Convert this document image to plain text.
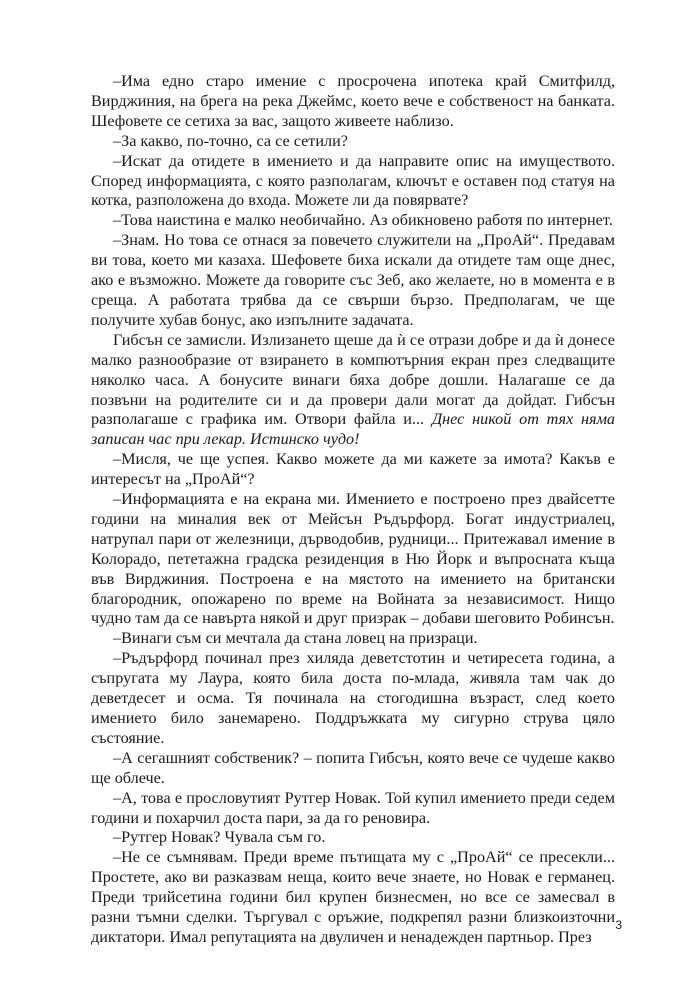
–Има едно старо имение с просрочена ипотека край Смитфилд, Вирджиния, на брега на река Джеймс, което вече е собственост на банката. Шефовете се сетиха за вас, защото живеете наблизо.

–За какво, по-точно, са се сетили?

–Искат да отидете в имението и да направите опис на имуществото. Според информацията, с която разполагам, ключът е оставен под статуя на котка, разположена до входа. Можете ли да повярвате?

–Това наистина е малко необичайно. Аз обикновено работя по интернет.

–Знам. Но това се отнася за повечето служители на „ПроАй“. Предавам ви това, което ми казаха. Шефовете биха искали да отидете там още днес, ако е възможно. Можете да говорите със Зеб, ако желаете, но в момента е в среща. А работата трябва да се свърши бързо. Предполагам, че ще получите хубав бонус, ако изпълните задачата.

Гибсън се замисли. Излизането щеше да ѝ се отрази добре и да ѝ донесе малко разнообразие от взирането в компютърния екран през следващите няколко часа. А бонусите винаги бяха добре дошли. Налагаше се да позвъни на родителите си и да провери дали могат да дойдат. Гибсън разполагаше с графика им. Отвори файла и... Днес никой от тях няма записан час при лекар. Истинско чудо!

–Мисля, че ще успея. Какво можете да ми кажете за имота? Какъв е интересът на „ПроАй“?

–Информацията е на екрана ми. Имението е построено през двайсетте години на миналия век от Мейсън Ръдърфорд. Богат индустриалец, натрупал пари от железници, дърводобив, рудници... Притежавал имение в Колорадо, пететажна градска резиденция в Ню Йорк и въпросната къща във Вирджиния. Построена е на мястото на имението на британски благородник, опожарено по време на Войната за независимост. Нищо чудно там да се навърта някой и друг призрак – добави шеговито Робинсън.

–Винаги съм си мечтала да стана ловец на призраци.

–Ръдърфорд починал през хиляда деветстотин и четиресета година, а съпругата му Лаура, която била доста по-млада, живяла там чак до деветдесет и осма. Тя починала на стогодишна възраст, след което имението било занемарено. Поддръжката му сигурно струва цяло състояние.

–А сегашният собственик? – попита Гибсън, която вече се чудеше какво ще облече.

–А, това е прословутият Рутгер Новак. Той купил имението преди седем години и похарчил доста пари, за да го реновира.

–Рутгер Новак? Чувала съм го.

–Не се съмнявам. Преди време пътищата му с „ПроАй“ се пресекли... Простете, ако ви разказвам неща, които вече знаете, но Новак е германец. Преди трийсетина години бил крупен бизнесмен, но все се замесвал в разни тъмни сделки. Търгувал с оръжие, подкрепял разни близкоизточни диктатори. Имал репутацията на двуличен и ненадежден партньор. През

3
